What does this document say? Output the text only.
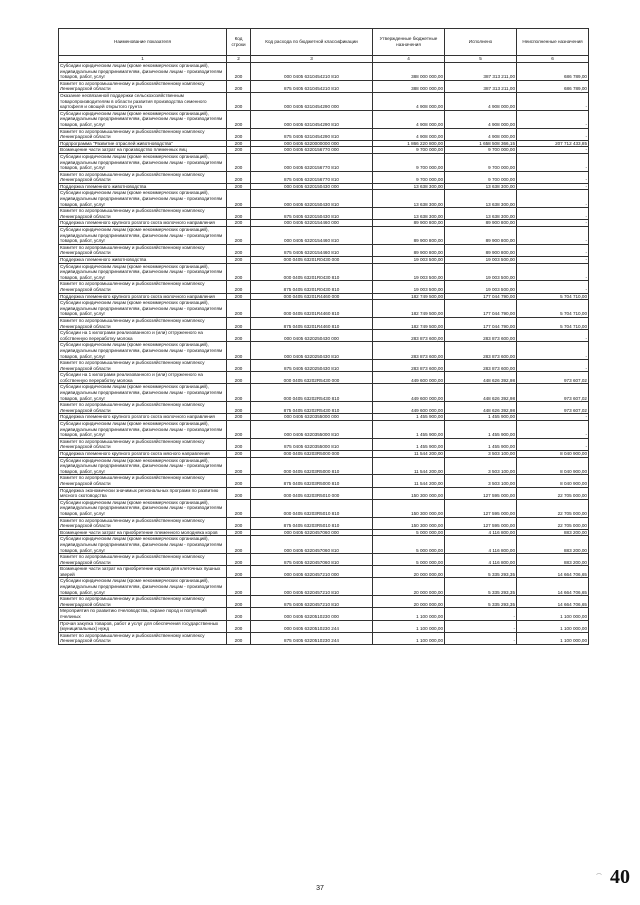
Наименование показателя	Код строки	Код расхода по бюджетной классификации	Утвержденные бюджетные назначения	Исполнено	Неисполненные назначения
1	2	3	4	5	6
Субсидии юридическим лицам (кроме некоммерческих организаций), индивидуальным предпринимателям, физическим лицам - производителям товаров, работ, услуг	200	000 0405 6310454210 810	388 000 000,00	387 313 211,00	686 789,00
Комитет по агропромышленному и рыбохозяйственному комплексу Ленинградской области	200	875 0405 6310454210 810	388 000 000,00	387 313 211,00	686 789,00
Оказание несвязанной поддержки сельскохозяйственным товаропроизводителям в области развития производства семенного картофеля и овощей открытого грунта	200	000 0405 6310454290 000	4 908 000,00	4 908 000,00	-
Субсидии юридическим лицам (кроме некоммерческих организаций), индивидуальным предпринимателям, физическим лицам - производителям товаров, работ, услуг	200	000 0405 6310454290 810	4 908 000,00	4 908 000,00	-
Комитет по агропромышленному и рыбохозяйственному комплексу Ленинградской области	200	875 0405 6310454290 810	4 908 000,00	4 908 000,00	-
Подпрограмма "Развитие отраслей животноводства"	200	000 0405 6320000000 000	1 866 220 800,00	1 658 508 366,15	207 712 433,85
Возмещение части затрат на производство племенных яиц	200	000 0405 6320156770 000	9 700 000,00	9 700 000,00	-
Субсидии юридическим лицам (кроме некоммерческих организаций), индивидуальным предпринимателям, физическим лицам - производителям товаров, работ, услуг	200	000 0405 6320156770 810	9 700 000,00	9 700 000,00	-
Комитет по агропромышленному и рыбохозяйственному комплексу Ленинградской области	200	875 0405 6320156770 810	9 700 000,00	9 700 000,00	-
Поддержка племенного животноводства	200	000 0405 6320150430 000	13 638 300,00	13 638 300,00	-
Субсидии юридическим лицам (кроме некоммерческих организаций), индивидуальным предпринимателям, физическим лицам - производителям товаров, работ, услуг	200	000 0405 6320150430 810	13 638 300,00	13 638 300,00	-
Комитет по агропромышленному и рыбохозяйственному комплексу Ленинградской области	200	875 0405 6320150430 810	13 638 300,00	13 638 300,00	-
Поддержка племенного крупного рогатого скота молочного направления	200	000 0405 6320154460 000	89 900 800,00	89 900 800,00	-
Субсидии юридическим лицам (кроме некоммерческих организаций), индивидуальным предпринимателям, физическим лицам - производителям товаров, работ, услуг	200	000 0405 6320154460 810	89 900 800,00	89 900 800,00	-
Комитет по агропромышленному и рыбохозяйственному комплексу Ленинградской области	200	875 0405 6320154460 810	89 900 800,00	89 900 800,00	-
Поддержка племенного животноводства	200	000 0405 63201R0430 000	19 003 500,00	19 003 500,00	-
Субсидии юридическим лицам (кроме некоммерческих организаций), индивидуальным предпринимателям, физическим лицам - производителям товаров, работ, услуг	200	000 0405 63201R0430 810	19 003 500,00	19 003 500,00	-
Комитет по агропромышленному и рыбохозяйственному комплексу Ленинградской области	200	875 0405 63201R0430 810	19 003 500,00	19 003 500,00	-
Поддержка племенного крупного рогатого скота молочного направления	200	000 0405 63201R4460 000	182 749 500,00	177 044 790,00	5 704 710,00
Субсидии юридическим лицам (кроме некоммерческих организаций), индивидуальным предпринимателям, физическим лицам - производителям товаров, работ, услуг	200	000 0405 63201R4460 810	182 749 500,00	177 044 790,00	5 704 710,00
Комитет по агропромышленному и рыбохозяйственному комплексу Ленинградской области	200	875 0405 63201R4460 810	182 749 500,00	177 044 790,00	5 704 710,00
Субсидии на 1 килограмм реализованного и (или) отгруженного на собственную переработку молока	200	000 0405 6320250430 000	283 873 600,00	283 873 600,00	-
Субсидии юридическим лицам (кроме некоммерческих организаций), индивидуальным предпринимателям, физическим лицам - производителям товаров, работ, услуг	200	000 0405 6320250430 810	283 873 600,00	283 873 600,00	-
Комитет по агропромышленному и рыбохозяйственному комплексу Ленинградской области	200	875 0405 6320250430 810	283 873 600,00	283 873 600,00	-
Субсидии на 1 килограмм реализованного и (или) отгруженного на собственную переработку молока	200	000 0405 63202R5430 000	449 600 000,00	448 626 392,98	973 607,02
Субсидии юридическим лицам (кроме некоммерческих организаций), индивидуальным предпринимателям, физическим лицам - производителям товаров, работ, услуг	200	000 0405 63202R5430 810	449 600 000,00	448 626 392,98	973 607,02
Комитет по агропромышленному и рыбохозяйственному комплексу Ленинградской области	200	875 0405 63202R5430 810	449 600 000,00	448 626 392,98	973 607,02
Поддержка племенного крупного рогатого скота молочного направления	200	000 0405 6320355000 000	1 455 900,00	1 455 900,00	-
Субсидии юридическим лицам (кроме некоммерческих организаций), индивидуальным предпринимателям, физическим лицам - производителям товаров, работ, услуг	200	000 0405 6320355000 810	1 455 900,00	1 455 900,00	-
Комитет по агропромышленному и рыбохозяйственному комплексу Ленинградской области	200	875 0405 6320355000 810	1 455 900,00	1 455 900,00	-
Поддержка племенного крупного рогатого скота мясного направления	200	000 0405 63203R5000 000	11 544 200,00	3 503 100,00	8 040 900,00
Субсидии юридическим лицам (кроме некоммерческих организаций), индивидуальным предпринимателям, физическим лицам - производителям товаров, работ, услуг	200	000 0405 63203R5000 810	11 544 200,00	3 503 100,00	8 040 900,00
Комитет по агропромышленному и рыбохозяйственному комплексу Ленинградской области	200	875 0405 63203R5000 810	11 544 200,00	3 503 100,00	8 040 900,00
Поддержка экономически значимых региональных программ по развитию мясного скотоводства	200	000 0405 63203R5010 000	150 300 000,00	127 595 000,00	22 705 000,00
Субсидии юридическим лицам (кроме некоммерческих организаций), индивидуальным предпринимателям, физическим лицам - производителям товаров, работ, услуг	200	000 0405 63203R5010 810	150 300 000,00	127 595 000,00	22 705 000,00
Комитет по агропромышленному и рыбохозяйственному комплексу Ленинградской области	200	875 0405 63203R5010 810	150 300 000,00	127 595 000,00	22 705 000,00
Возмещение части затрат на приобретение племенного молодняка коров	200	000 0405 6320457060 000	5 000 000,00	4 116 800,00	883 200,00
Субсидии юридическим лицам (кроме некоммерческих организаций), индивидуальным предпринимателям, физическим лицам - производителям товаров, работ, услуг	200	000 0405 6320457060 810	5 000 000,00	4 116 800,00	883 200,00
Комитет по агропромышленному и рыбохозяйственному комплексу Ленинградской области	200	875 0405 6320457060 810	5 000 000,00	4 116 800,00	883 200,00
Возмещение части затрат на приобретение кормов для клеточных пушных зверей	200	000 0405 6320457210 000	20 000 000,00	5 335 293,35	14 664 706,65
Субсидии юридическим лицам (кроме некоммерческих организаций), индивидуальным предпринимателям, физическим лицам - производителям товаров, работ, услуг	200	000 0405 6320457210 810	20 000 000,00	5 335 293,35	14 664 706,65
Комитет по агропромышленному и рыбохозяйственному комплексу Ленинградской области	200	875 0405 6320457210 810	20 000 000,00	5 335 293,35	14 664 706,65
Мероприятия по развитию пчеловодства, охране пород и популяций пчелиных	200	000 0405 6320510230 000	1 100 000,00	-	1 100 000,00
Прочая закупка товаров, работ и услуг для обеспечения государственных (муниципальных) нужд	200	000 0405 6320510230 244	1 100 000,00	-	1 100 000,00
Комитет по агропромышленному и рыбохозяйственному комплексу Ленинградской области	200	875 0405 6320510230 244	1 100 000,00	-	1 100 000,00
37
⌒ 40
